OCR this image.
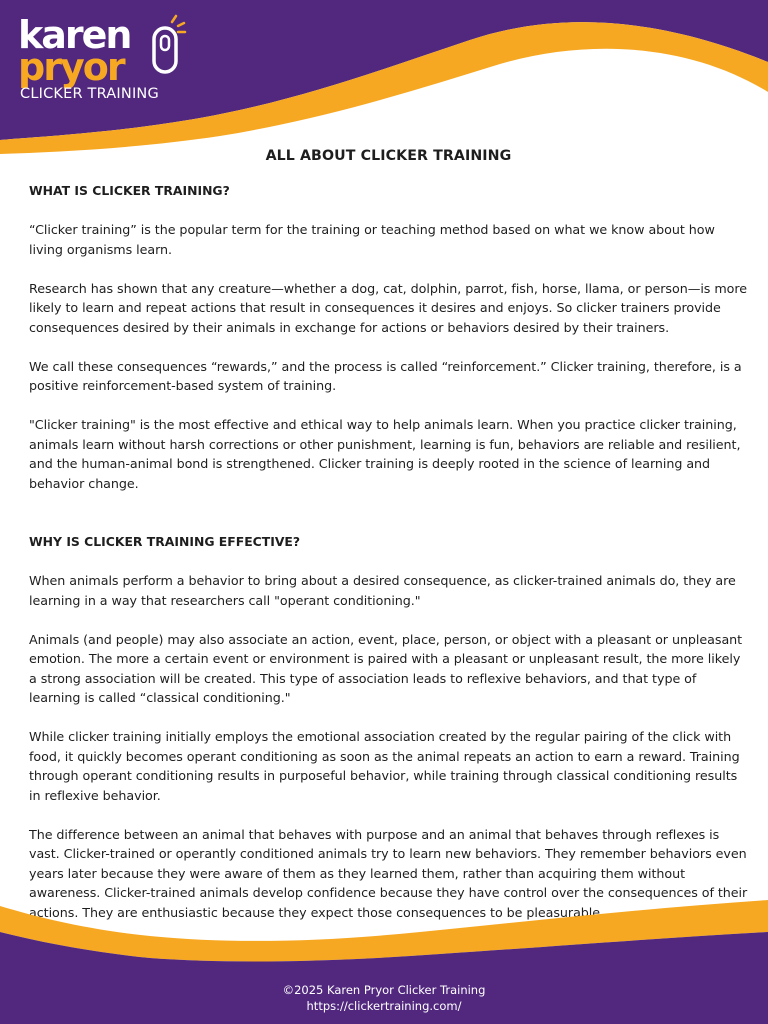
karen
pryor
CLICKER TRAINING
ALL ABOUT CLICKER TRAINING
WHAT IS CLICKER TRAINING?

“Clicker training” is the popular term for the training or teaching method based on what we know about how living organisms learn.

Research has shown that any creature—whether a dog, cat, dolphin, parrot, fish, horse, llama, or person—is more likely to learn and repeat actions that result in consequences it desires and enjoys. So clicker trainers provide consequences desired by their animals in exchange for actions or behaviors desired by their trainers.

We call these consequences “rewards,” and the process is called “reinforcement.” Clicker training, therefore, is a positive reinforcement-based system of training.

"Clicker training" is the most effective and ethical way to help animals learn. When you practice clicker training, animals learn without harsh corrections or other punishment, learning is fun, behaviors are reliable and resilient, and the human-animal bond is strengthened. Clicker training is deeply rooted in the science of learning and behavior change.

WHY IS CLICKER TRAINING EFFECTIVE?

When animals perform a behavior to bring about a desired consequence, as clicker-trained animals do, they are learning in a way that researchers call "operant conditioning."

Animals (and people) may also associate an action, event, place, person, or object with a pleasant or unpleasant emotion. The more a certain event or environment is paired with a pleasant or unpleasant result, the more likely a strong association will be created. This type of association leads to reflexive behaviors, and that type of learning is called “classical conditioning."

While clicker training initially employs the emotional association created by the regular pairing of the click with food, it quickly becomes operant conditioning as soon as the animal repeats an action to earn a reward. Training through operant conditioning results in purposeful behavior, while training through classical conditioning results in reflexive behavior.

The difference between an animal that behaves with purpose and an animal that behaves through reflexes is vast. Clicker-trained or operantly conditioned animals try to learn new behaviors. They remember behaviors even years later because they were aware of them as they learned them, rather than acquiring them without awareness. Clicker-trained animals develop confidence because they have control over the consequences of their actions. They are enthusiastic because they expect those consequences to be pleasurable.

©2025 Karen Pryor Clicker Training
https://clickertraining.com/
